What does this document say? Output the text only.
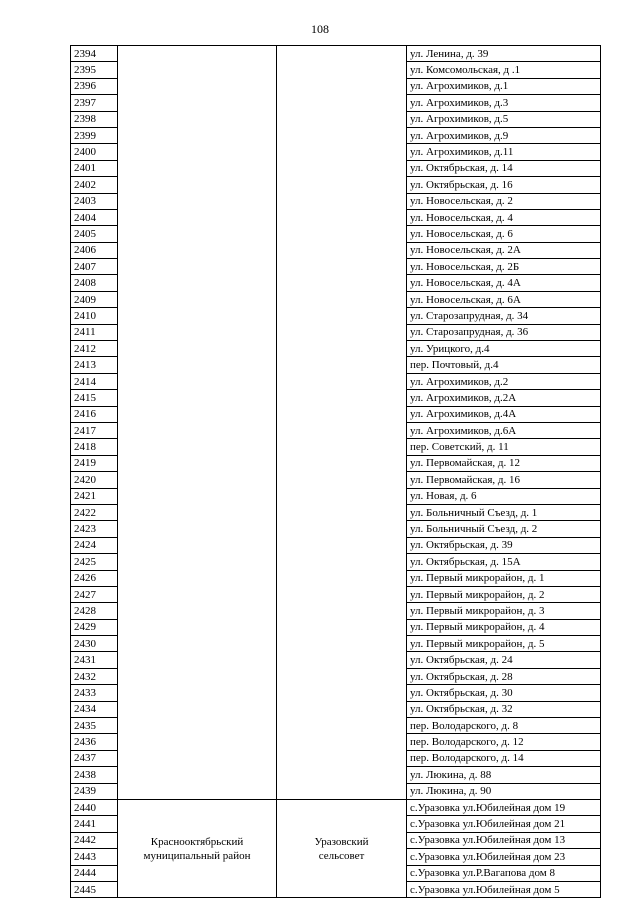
108
2394			ул. Ленина, д. 39
2395			ул. Комсомольская, д .1
2396			ул. Агрохимиков, д.1
2397			ул. Агрохимиков, д.3
2398			ул. Агрохимиков, д.5
2399			ул. Агрохимиков, д.9
2400			ул. Агрохимиков, д.11
2401			ул. Октябрьская, д. 14
2402			ул. Октябрьская, д. 16
2403			ул. Новосельская, д. 2
2404			ул. Новосельская, д. 4
2405			ул. Новосельская, д. 6
2406			ул. Новосельская, д. 2А
2407			ул. Новосельская, д. 2Б
2408			ул. Новосельская, д. 4А
2409			ул. Новосельская, д. 6А
2410			ул. Старозапрудная, д. 34
2411			ул. Старозапрудная, д. 36
2412			ул. Урицкого, д.4
2413			пер. Почтовый, д.4
2414			ул. Агрохимиков, д.2
2415			ул. Агрохимиков, д.2А
2416			ул. Агрохимиков, д.4А
2417			ул. Агрохимиков, д.6А
2418			пер. Советский, д. 11
2419			ул. Первомайская, д. 12
2420			ул. Первомайская, д. 16
2421			ул. Новая, д. 6
2422			ул. Больничный Съезд, д. 1
2423			ул. Больничный Съезд, д. 2
2424			ул. Октябрьская, д. 39
2425			ул. Октябрьская, д. 15А
2426			ул. Первый микрорайон, д. 1
2427			ул. Первый микрорайон, д. 2
2428			ул. Первый микрорайон, д. 3
2429			ул. Первый микрорайон, д. 4
2430			ул. Первый микрорайон, д. 5
2431			ул. Октябрьская, д. 24
2432			ул. Октябрьская, д. 28
2433			ул. Октябрьская, д. 30
2434			ул. Октябрьская, д. 32
2435			пер. Володарского, д. 8
2436			пер. Володарского, д. 12
2437			пер. Володарского, д. 14
2438			ул. Люкина, д. 88
2439			ул. Люкина, д. 90
2440	Краснооктябрьский
муниципальный район	Уразовский
сельсовет	с.Уразовка ул.Юбилейная дом 19
2441			с.Уразовка ул.Юбилейная дом 21
2442			с.Уразовка ул.Юбилейная дом 13
2443			с.Уразовка ул.Юбилейная дом 23
2444			с.Уразовка ул.Р.Вагапова дом 8
2445			с.Уразовка ул.Юбилейная дом 5
